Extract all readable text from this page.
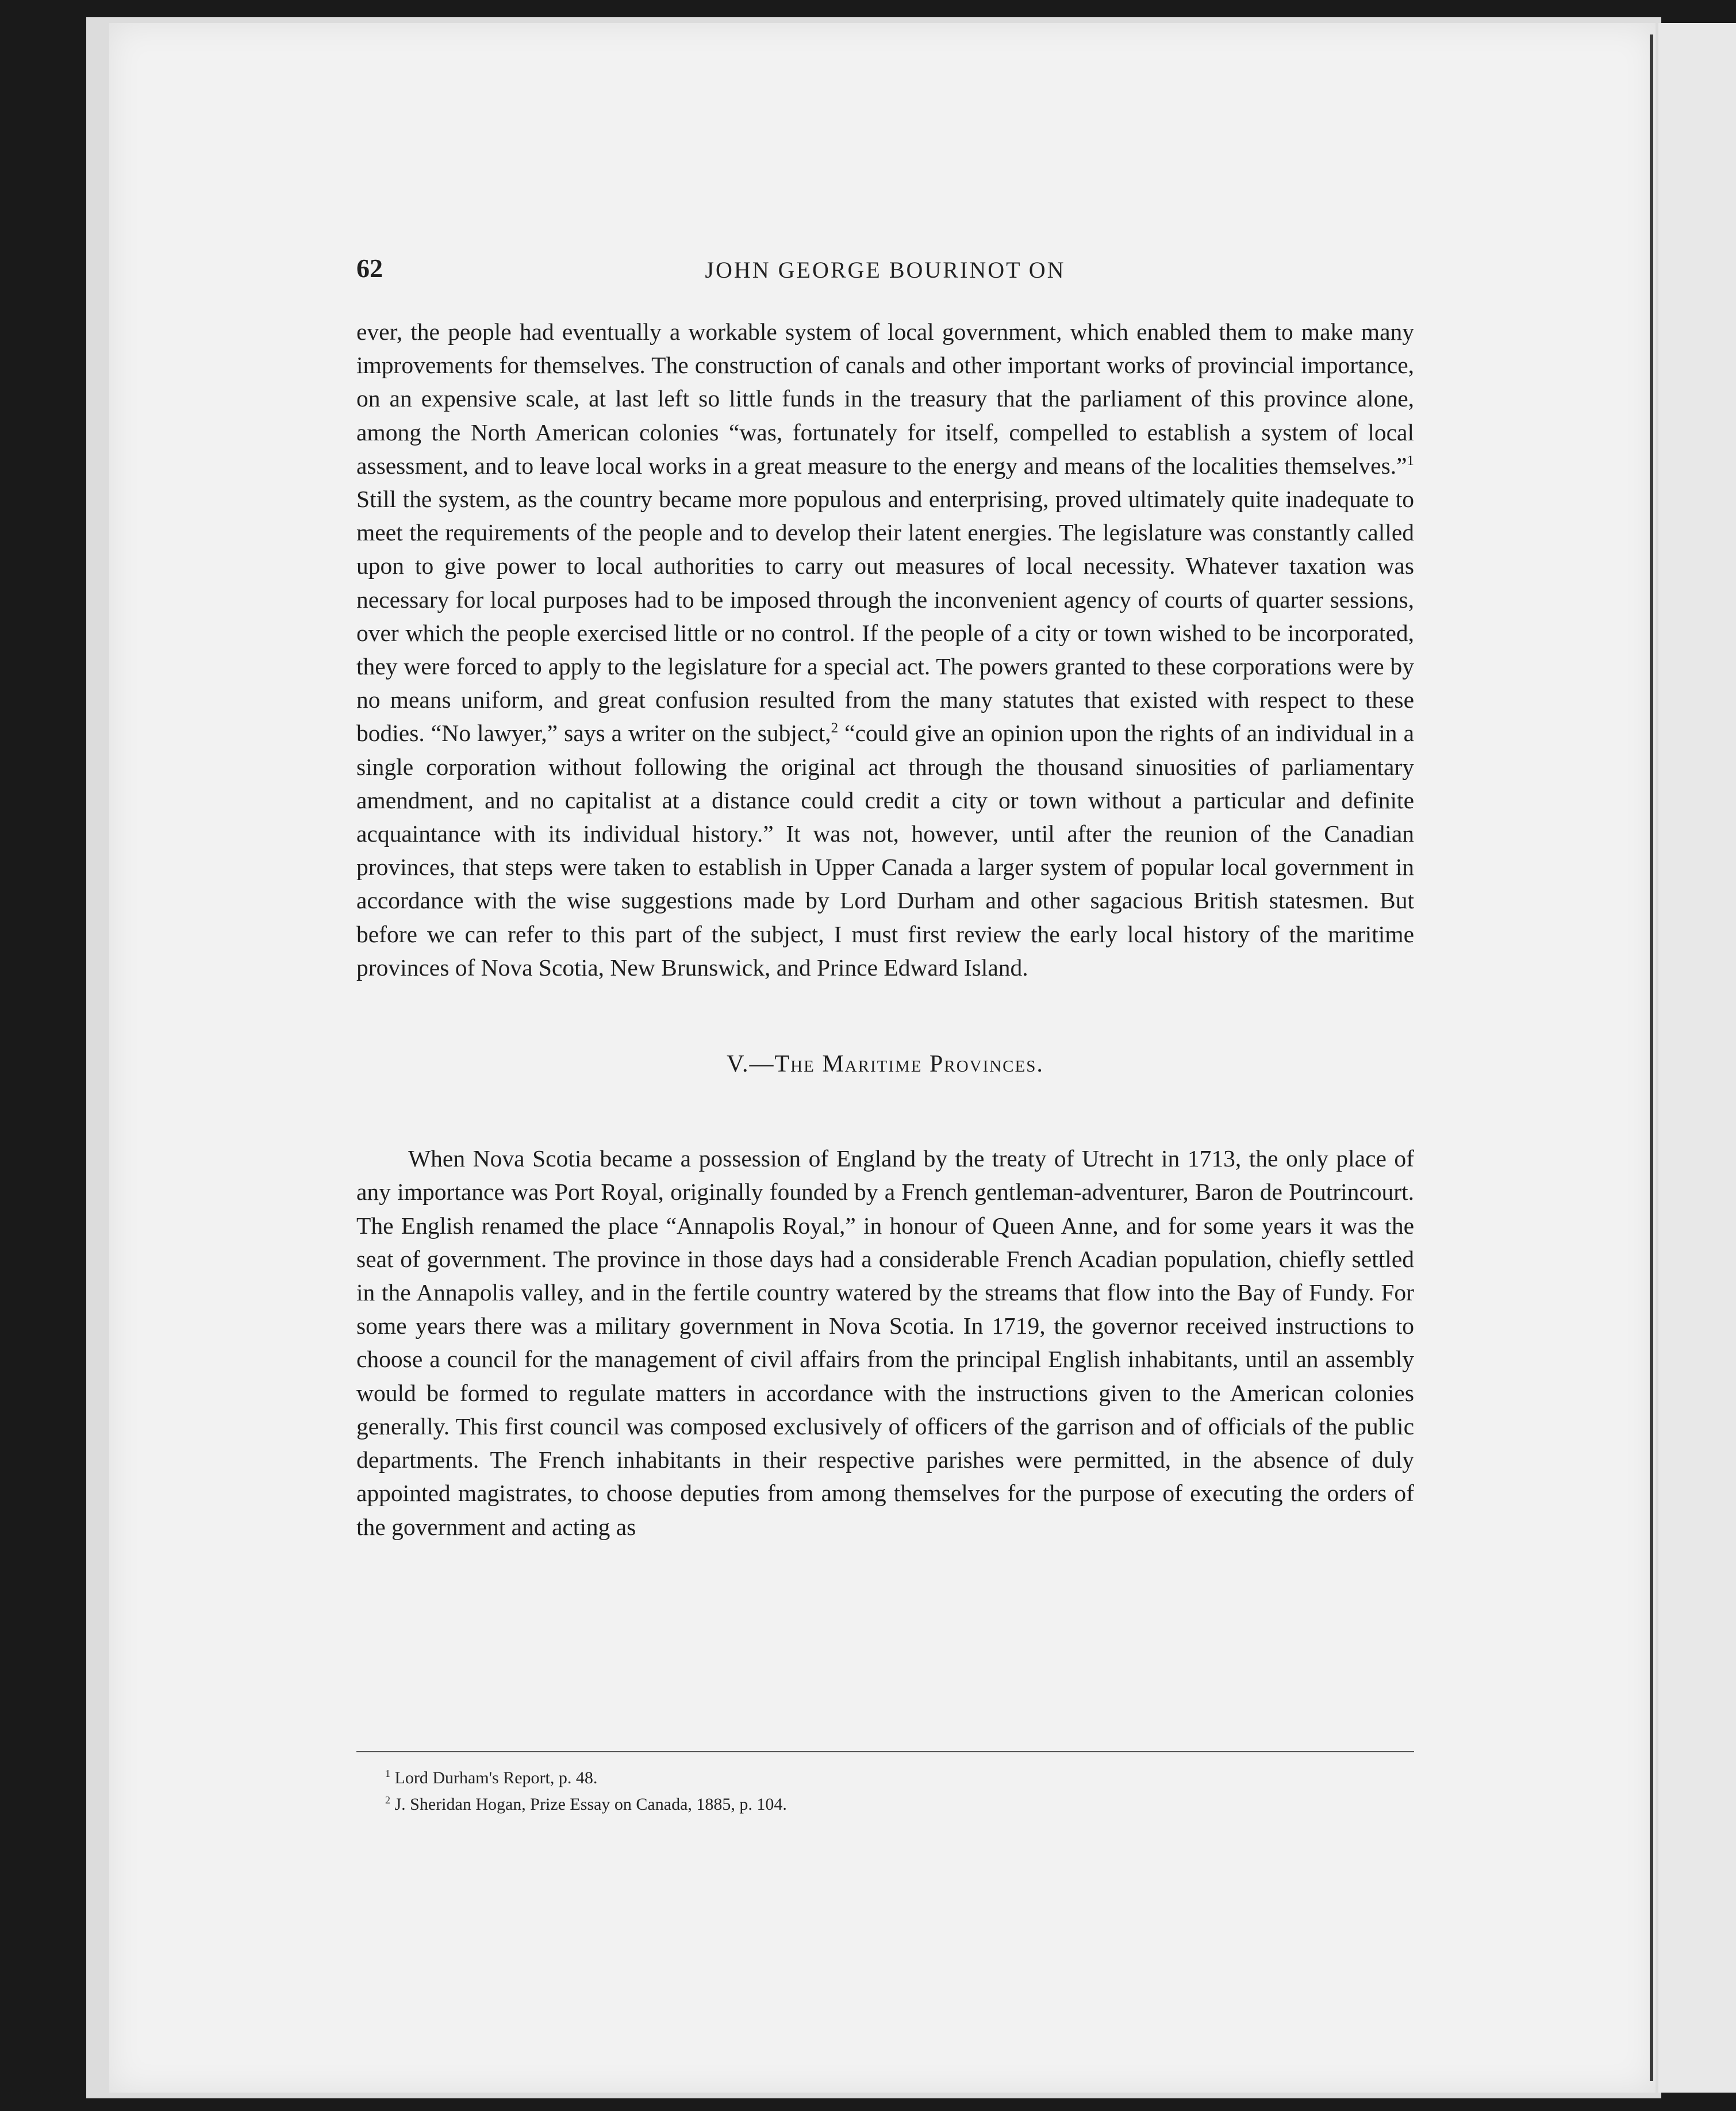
62	JOHN GEORGE BOURINOT ON

ever, the people had eventually a workable system of local government, which enabled them to make many improvements for themselves. The construction of canals and other important works of provincial importance, on an expensive scale, at last left so little funds in the treasury that the parliament of this province alone, among the North American colonies “was, fortunately for itself, compelled to establish a system of local assessment, and to leave local works in a great measure to the energy and means of the localities themselves.”$^1$ Still the system, as the country became more populous and enterprising, proved ultimately quite inadequate to meet the requirements of the people and to develop their latent energies. The legislature was constantly called upon to give power to local authorities to carry out measures of local necessity. Whatever taxation was necessary for local purposes had to be imposed through the inconvenient agency of courts of quarter sessions, over which the people exercised little or no control. If the people of a city or town wished to be incorporated, they were forced to apply to the legislature for a special act. The powers granted to these corporations were by no means uniform, and great confusion resulted from the many statutes that existed with respect to these bodies. “No lawyer,” says a writer on the subject,$^2$ “could give an opinion upon the rights of an individual in a single corporation without following the original act through the thousand sinuosities of parliamentary amendment, and no capitalist at a distance could credit a city or town without a particular and definite acquaintance with its individual history.” It was not, however, until after the reunion of the Canadian provinces, that steps were taken to establish in Upper Canada a larger system of popular local government in accordance with the wise suggestions made by Lord Durham and other sagacious British statesmen. But before we can refer to this part of the subject, I must first review the early local history of the maritime provinces of Nova Scotia, New Brunswick, and Prince Edward Island.

V.—The Maritime Provinces.

When Nova Scotia became a possession of England by the treaty of Utrecht in 1713, the only place of any importance was Port Royal, originally founded by a French gentleman-adventurer, Baron de Poutrincourt. The English renamed the place “Annapolis Royal,” in honour of Queen Anne, and for some years it was the seat of government. The province in those days had a considerable French Acadian population, chiefly settled in the Annapolis valley, and in the fertile country watered by the streams that flow into the Bay of Fundy. For some years there was a military government in Nova Scotia. In 1719, the governor received instructions to choose a council for the management of civil affairs from the principal English inhabitants, until an assembly would be formed to regulate matters in accordance with the instructions given to the American colonies generally. This first council was composed exclusively of officers of the garrison and of officials of the public departments. The French inhabitants in their respective parishes were permitted, in the absence of duly appointed magistrates, to choose deputies from among themselves for the purpose of executing the orders of the government and acting as

$^1$ Lord Durham's Report, p. 48.
$^2$ J. Sheridan Hogan, Prize Essay on Canada, 1885, p. 104.
